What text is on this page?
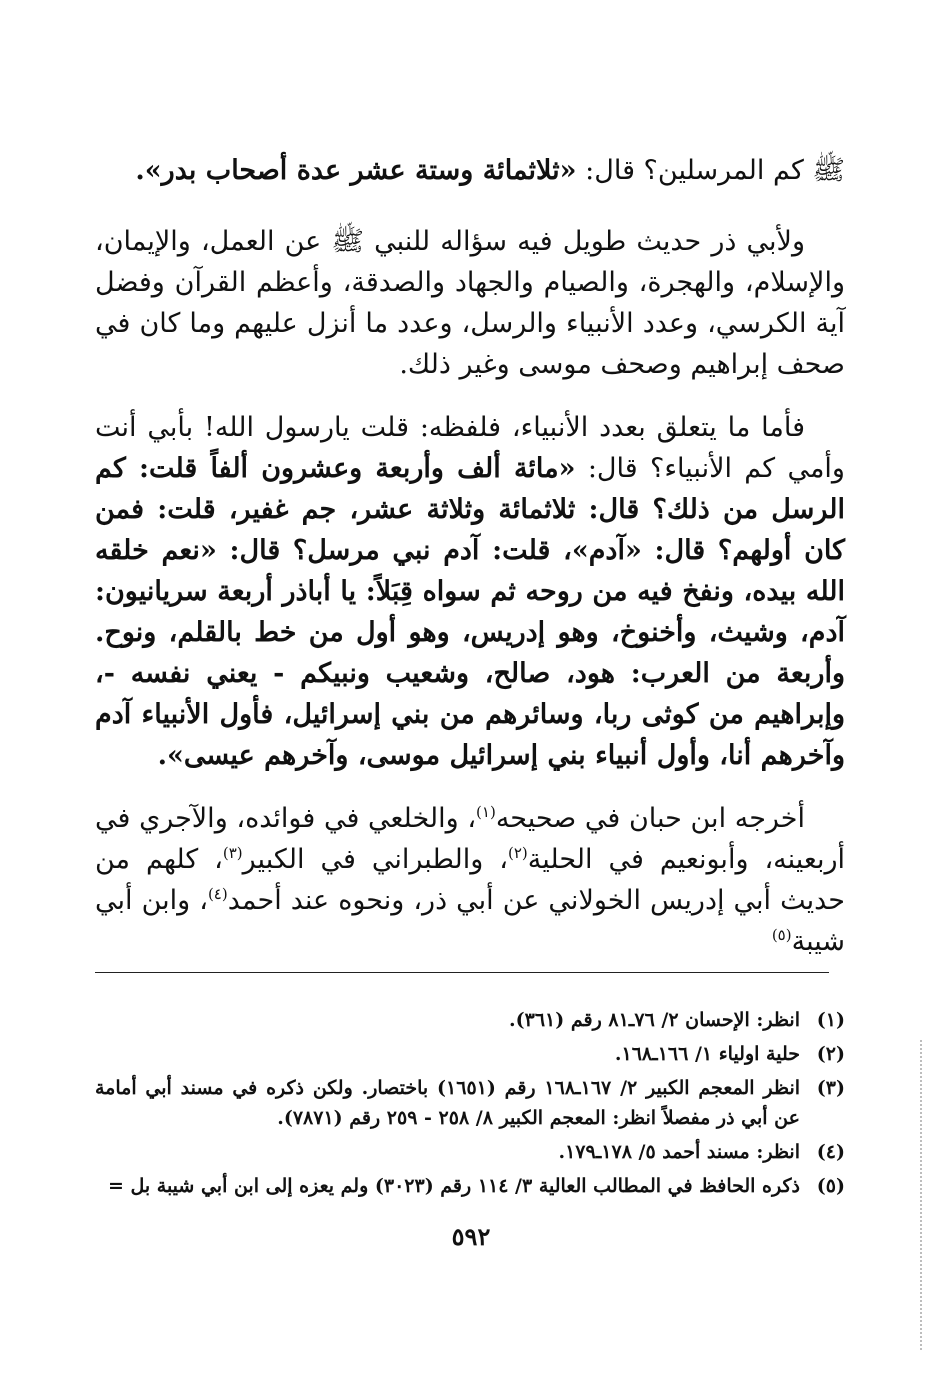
ﷺ كم المرسلين؟ قال: «ثلاثمائة وستة عشر عدة أصحاب بدر».

ولأبي ذر حديث طويل فيه سؤاله للنبي ﷺ عن العمل، والإيمان، والإسلام، والهجرة، والصيام والجهاد والصدقة، وأعظم القرآن وفضل آية الكرسي، وعدد الأنبياء والرسل، وعدد ما أنزل عليهم وما كان في صحف إبراهيم وصحف موسى وغير ذلك.

فأما ما يتعلق بعدد الأنبياء، فلفظه: قلت يارسول الله! بأبي أنت وأمي كم الأنبياء؟ قال: «مائة ألف وأربعة وعشرون ألفاً قلت: كم الرسل من ذلك؟ قال: ثلاثمائة وثلاثة عشر، جم غفير، قلت: فمن كان أولهم؟ قال: «آدم»، قلت: آدم نبي مرسل؟ قال: «نعم خلقه الله بيده، ونفخ فيه من روحه ثم سواه قِبَلاً: يا أباذر أربعة سريانيون: آدم، وشيث، وأخنوخ، وهو إدريس، وهو أول من خط بالقلم، ونوح. وأربعة من العرب: هود، صالح، وشعيب ونبيكم - يعني نفسه -، وإبراهيم من كوثى ربا، وسائرهم من بني إسرائيل، فأول الأنبياء آدم وآخرهم أنا، وأول أنبياء بني إسرائيل موسى، وآخرهم عيسى».

أخرجه ابن حبان في صحيحه$^{(١)}$، والخلعي في فوائده، والآجري في أربعينه، وأبونعيم في الحلية$^{(٢)}$، والطبراني في الكبير$^{(٣)}$، كلهم من حديث أبي إدريس الخولاني عن أبي ذر، ونحوه عند أحمد$^{(٤)}$، وابن أبي شيبة$^{(٥)}$

(١)
انظر: الإحسان ٢/ ٧٦ـ٨١ رقم (٣٦١).
(٢)
حلية اولياء ١/ ١٦٦ـ١٦٨.
(٣)
انظر المعجم الكبير ٢/ ١٦٧ـ١٦٨ رقم (١٦٥١) باختصار. ولكن ذكره في مسند أبي أمامة عن أبي ذر مفصلاً انظر: المعجم الكبير ٨/ ٢٥٨ - ٢٥٩ رقم (٧٨٧١).
(٤)
انظر: مسند أحمد ٥/ ١٧٨ـ١٧٩.
(٥)
ذكره الحافظ في المطالب العالية ٣/ ١١٤ رقم (٣٠٢٣) ولم يعزه إلى ابن أبي شيبة بل =
٥٩٢
